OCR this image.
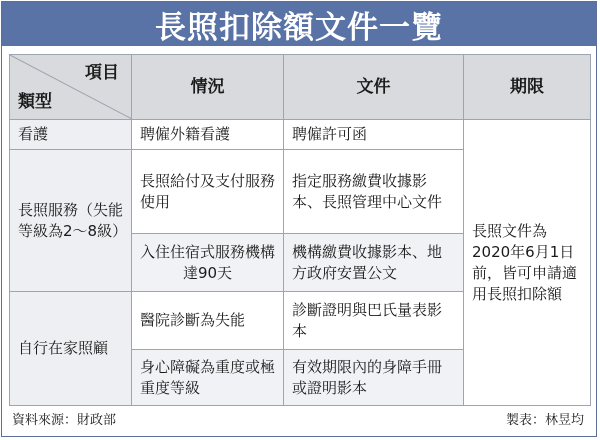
長照扣除額文件一覽
項目
類型	情況	文件	期限
看護	聘僱外籍看護	聘僱許可函	長照文件為2020年6月1日前，皆可申請適用長照扣除額
長照服務（失能等級為2～8級）	長照給付及支付服務使用	指定服務繳費收據影本、長照管理中心文件	
	入住住宿式服務機構達90天	機構繳費收據影本、地方政府安置公文	
自行在家照顧	醫院診斷為失能	診斷證明與巴氏量表影本	
	身心障礙為重度或極重度等級	有效期限內的身障手冊或證明影本	
資料來源：財政部	製表：林昱均
